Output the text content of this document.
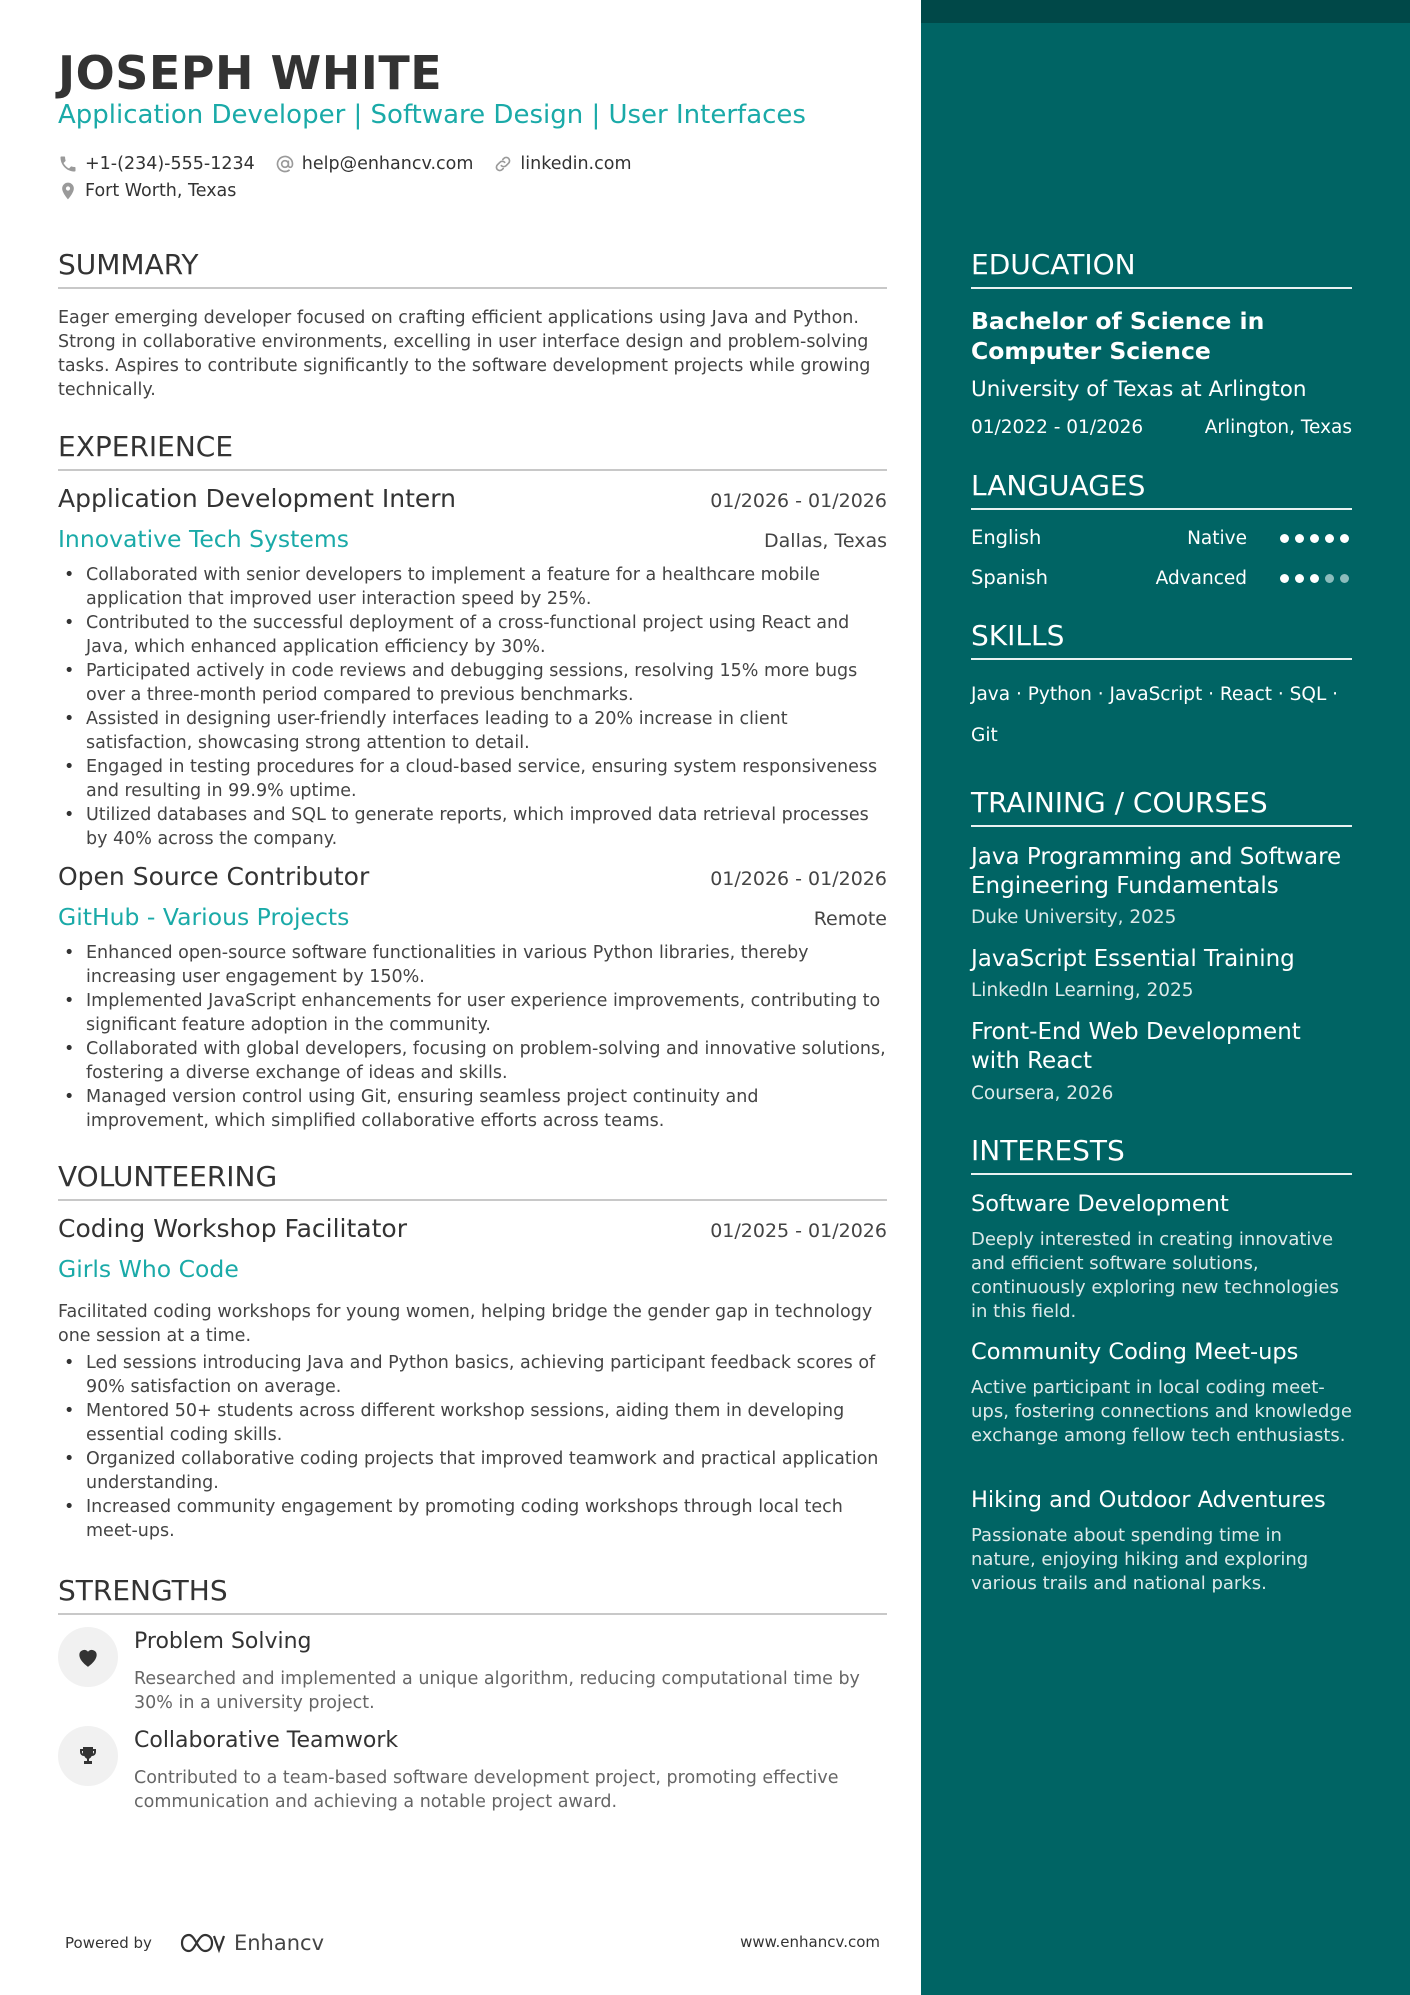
JOSEPH WHITE
Application Developer | Software Design | User Interfaces
+1-(234)-555-1234	help@enhancv.com	linkedin.com
Fort Worth, Texas
SUMMARY
Eager emerging developer focused on crafting efficient applications using Java and Python. Strong in collaborative environments, excelling in user interface design and problem-solving tasks. Aspires to contribute significantly to the software development projects while growing technically.
EXPERIENCE
Application Development Intern	01/2026 - 01/2026
Innovative Tech Systems	Dallas, Texas
• Collaborated with senior developers to implement a feature for a healthcare mobile application that improved user interaction speed by 25%.
• Contributed to the successful deployment of a cross-functional project using React and Java, which enhanced application efficiency by 30%.
• Participated actively in code reviews and debugging sessions, resolving 15% more bugs over a three-month period compared to previous benchmarks.
• Assisted in designing user-friendly interfaces leading to a 20% increase in client satisfaction, showcasing strong attention to detail.
• Engaged in testing procedures for a cloud-based service, ensuring system responsiveness and resulting in 99.9% uptime.
• Utilized databases and SQL to generate reports, which improved data retrieval processes by 40% across the company.
Open Source Contributor	01/2026 - 01/2026
GitHub - Various Projects	Remote
• Enhanced open-source software functionalities in various Python libraries, thereby increasing user engagement by 150%.
• Implemented JavaScript enhancements for user experience improvements, contributing to significant feature adoption in the community.
• Collaborated with global developers, focusing on problem-solving and innovative solutions, fostering a diverse exchange of ideas and skills.
• Managed version control using Git, ensuring seamless project continuity and improvement, which simplified collaborative efforts across teams.
VOLUNTEERING
Coding Workshop Facilitator	01/2025 - 01/2026
Girls Who Code
Facilitated coding workshops for young women, helping bridge the gender gap in technology one session at a time.
• Led sessions introducing Java and Python basics, achieving participant feedback scores of 90% satisfaction on average.
• Mentored 50+ students across different workshop sessions, aiding them in developing essential coding skills.
• Organized collaborative coding projects that improved teamwork and practical application understanding.
• Increased community engagement by promoting coding workshops through local tech meet-ups.
STRENGTHS
Problem Solving
Researched and implemented a unique algorithm, reducing computational time by 30% in a university project.
Collaborative Teamwork
Contributed to a team-based software development project, promoting effective communication and achieving a notable project award.
Powered by	Enhancv	www.enhancv.com
EDUCATION
Bachelor of Science in Computer Science
University of Texas at Arlington
01/2022 - 01/2026	Arlington, Texas
LANGUAGES
English	Native
Spanish	Advanced
SKILLS
Java · Python · JavaScript · React · SQL ·
Git
TRAINING / COURSES
Java Programming and Software Engineering Fundamentals
Duke University, 2025
JavaScript Essential Training
LinkedIn Learning, 2025
Front-End Web Development with React
Coursera, 2026
INTERESTS
Software Development
Deeply interested in creating innovative and efficient software solutions, continuously exploring new technologies in this field.
Community Coding Meet-ups
Active participant in local coding meet-ups, fostering connections and knowledge exchange among fellow tech enthusiasts.
Hiking and Outdoor Adventures
Passionate about spending time in nature, enjoying hiking and exploring various trails and national parks.
